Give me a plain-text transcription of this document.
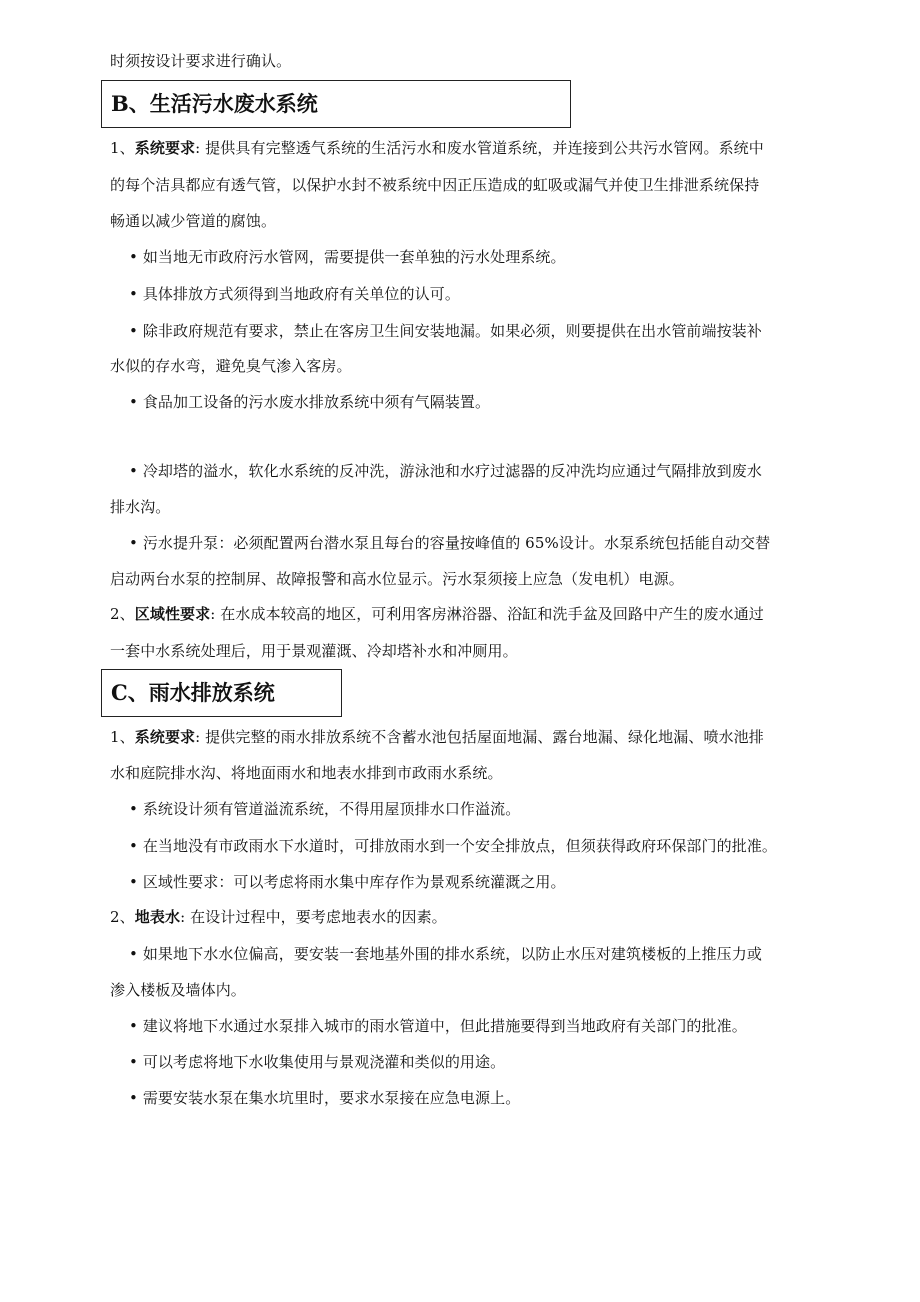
时须按设计要求进行确认。
B、生活污水废水系统
1、系统要求: 提供具有完整透气系统的生活污水和废水管道系统，并连接到公共污水管网。系统中
的每个洁具都应有透气管，以保护水封不被系统中因正压造成的虹吸或漏气并使卫生排泄系统保持
畅通以减少管道的腐蚀。
• 如当地无市政府污水管网，需要提供一套单独的污水处理系统。
• 具体排放方式须得到当地政府有关单位的认可。
• 除非政府规范有要求，禁止在客房卫生间安装地漏。如果必须，则要提供在出水管前端按装补
水似的存水弯，避免臭气渗入客房。
• 食品加工设备的污水废水排放系统中须有气隔装置。
• 冷却塔的溢水，软化水系统的反冲洗，游泳池和水疗过滤器的反冲洗均应通过气隔排放到废水
排水沟。
• 污水提升泵：必须配置两台潜水泵且每台的容量按峰值的 65%设计。水泵系统包括能自动交替
启动两台水泵的控制屏、故障报警和高水位显示。污水泵须接上应急（发电机）电源。
2、区域性要求: 在水成本较高的地区，可利用客房淋浴器、浴缸和洗手盆及回路中产生的废水通过
一套中水系统处理后，用于景观灌溉、冷却塔补水和冲厕用。
C、雨水排放系统
1、系统要求: 提供完整的雨水排放系统不含蓄水池包括屋面地漏、露台地漏、绿化地漏、喷水池排
水和庭院排水沟、将地面雨水和地表水排到市政雨水系统。
• 系统设计须有管道溢流系统，不得用屋顶排水口作溢流。
• 在当地没有市政雨水下水道时，可排放雨水到一个安全排放点，但须获得政府环保部门的批准。
• 区域性要求：可以考虑将雨水集中库存作为景观系统灌溉之用。
2、地表水: 在设计过程中，要考虑地表水的因素。
• 如果地下水水位偏高，要安装一套地基外围的排水系统，以防止水压对建筑楼板的上推压力或
渗入楼板及墙体内。
• 建议将地下水通过水泵排入城市的雨水管道中，但此措施要得到当地政府有关部门的批准。
• 可以考虑将地下水收集使用与景观浇灌和类似的用途。
• 需要安装水泵在集水坑里时，要求水泵接在应急电源上。
